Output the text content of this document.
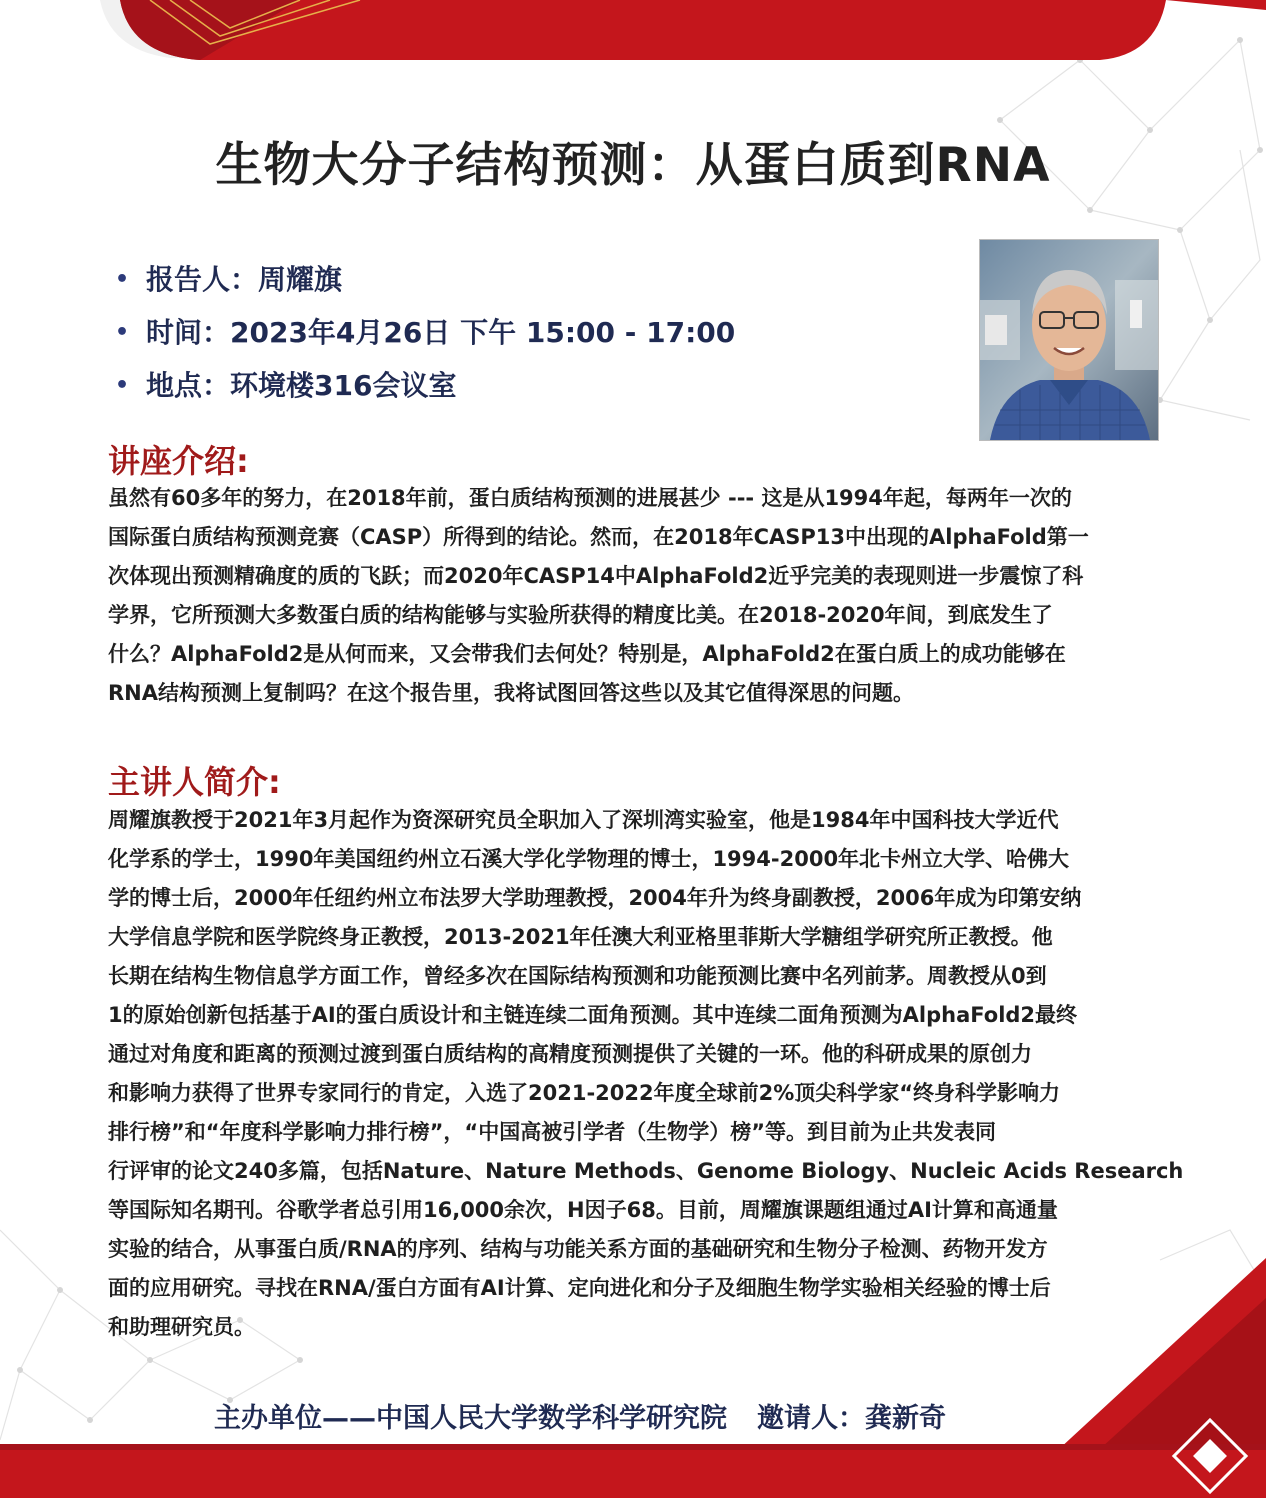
生物大分子结构预测：从蛋白质到RNA
• 报告人：周耀旗
• 时间：2023年4月26日 下午 15:00 - 17:00
• 地点：环境楼316会议室
讲座介绍:
虽然有60多年的努力，在2018年前，蛋白质结构预测的进展甚少 --- 这是从1994年起，每两年一次的
国际蛋白质结构预测竞赛（CASP）所得到的结论。然而，在2018年CASP13中出现的AlphaFold第一
次体现出预测精确度的质的飞跃；而2020年CASP14中AlphaFold2近乎完美的表现则进一步震惊了科
学界，它所预测大多数蛋白质的结构能够与实验所获得的精度比美。在2018-2020年间，到底发生了
什么？AlphaFold2是从何而来，又会带我们去何处？特别是，AlphaFold2在蛋白质上的成功能够在
RNA结构预测上复制吗？在这个报告里，我将试图回答这些以及其它值得深思的问题。
主讲人简介:
周耀旗教授于2021年3月起作为资深研究员全职加入了深圳湾实验室，他是1984年中国科技大学近代
化学系的学士，1990年美国纽约州立石溪大学化学物理的博士，1994-2000年北卡州立大学、哈佛大
学的博士后，2000年任纽约州立布法罗大学助理教授，2004年升为终身副教授，2006年成为印第安纳
大学信息学院和医学院终身正教授，2013-2021年任澳大利亚格里菲斯大学糖组学研究所正教授。他
长期在结构生物信息学方面工作，曾经多次在国际结构预测和功能预测比赛中名列前茅。周教授从0到
1的原始创新包括基于AI的蛋白质设计和主链连续二面角预测。其中连续二面角预测为AlphaFold2最终
通过对角度和距离的预测过渡到蛋白质结构的高精度预测提供了关键的一环。他的科研成果的原创力
和影响力获得了世界专家同行的肯定，入选了2021-2022年度全球前2%顶尖科学家“终身科学影响力
排行榜”和“年度科学影响力排行榜”，“中国高被引学者（生物学）榜”等。到目前为止共发表同
行评审的论文240多篇，包括Nature、Nature Methods、Genome Biology、Nucleic Acids Research
等国际知名期刊。谷歌学者总引用16,000余次，H因子68。目前，周耀旗课题组通过AI计算和高通量
实验的结合，从事蛋白质/RNA的序列、结构与功能关系方面的基础研究和生物分子检测、药物开发方
面的应用研究。寻找在RNA/蛋白方面有AI计算、定向进化和分子及细胞生物学实验相关经验的博士后
和助理研究员。

主办单位——中国人民大学数学科学研究院 邀请人：龚新奇
